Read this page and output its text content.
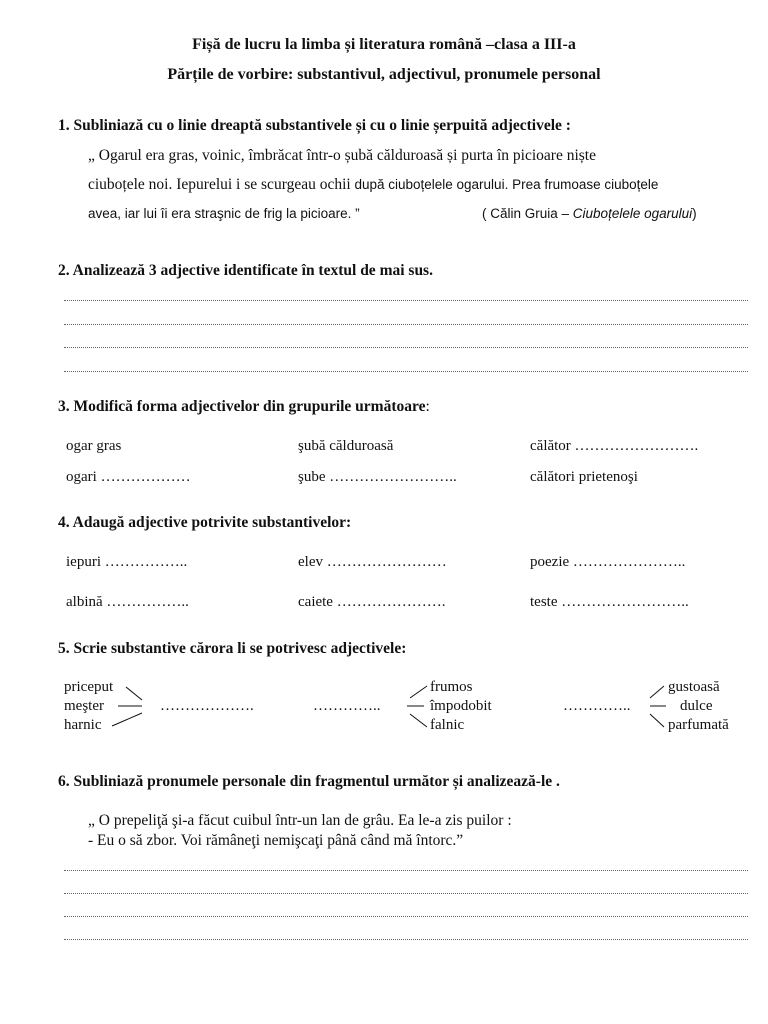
Fișă de lucru la limba și literatura română –clasa a III-a
Părțile de vorbire: substantivul, adjectivul, pronumele personal
1. Subliniază cu o linie dreaptă substantivele și cu o linie șerpuită adjectivele :
„ Ogarul era gras, voinic, îmbrăcat într-o șubă călduroasă și purta în picioare niște
ciuboțele noi. Iepurelui i se scurgeau ochii după ciuboțelele ogarului. Prea frumoase ciuboțele
avea, iar lui îi era straşnic de frig la picioare. ”	( Călin Gruia – Ciuboțelele ogarului)
2. Analizează 3 adjective identificate în textul de mai sus.
3. Modifică forma adjectivelor din grupurile următoare:
ogar gras	şubă călduroasă	călător …………………….
ogari ………………	şube ……………………..	călători prietenoşi
4. Adaugă adjective potrivite substantivelor:
iepuri ……………..	elev ……………………	poezie …………………..
albină ……………..	caiete ………………….	teste ……………………..
5. Scrie substantive cărora li se potrivesc adjectivele:
priceput
meşter
harnic
……………….	…………..
frumos
împodobit
falnic
…………..
gustoasă
dulce
parfumată
6. Subliniază pronumele personale din fragmentul următor și analizează-le .
„ O prepeliţă şi-a făcut cuibul într-un lan de grâu. Ea le-a zis puilor :
- Eu o să zbor. Voi rămâneţi nemişcaţi până când mă întorc.”
